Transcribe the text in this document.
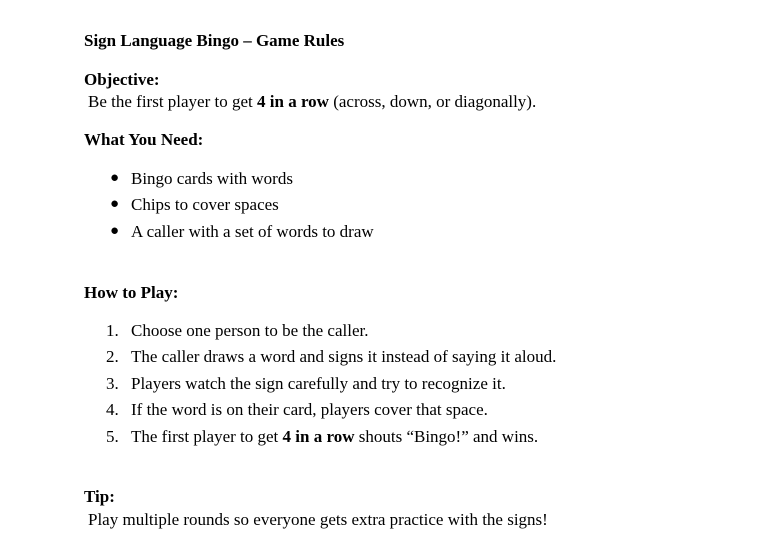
Sign Language Bingo – Game Rules
Objective:
Be the first player to get 4 in a row (across, down, or diagonally).
What You Need:
● Bingo cards with words
● Chips to cover spaces
● A caller with a set of words to draw
How to Play:
1. Choose one person to be the caller.
2. The caller draws a word and signs it instead of saying it aloud.
3. Players watch the sign carefully and try to recognize it.
4. If the word is on their card, players cover that space.
5. The first player to get 4 in a row shouts “Bingo!” and wins.
Tip:
Play multiple rounds so everyone gets extra practice with the signs!
